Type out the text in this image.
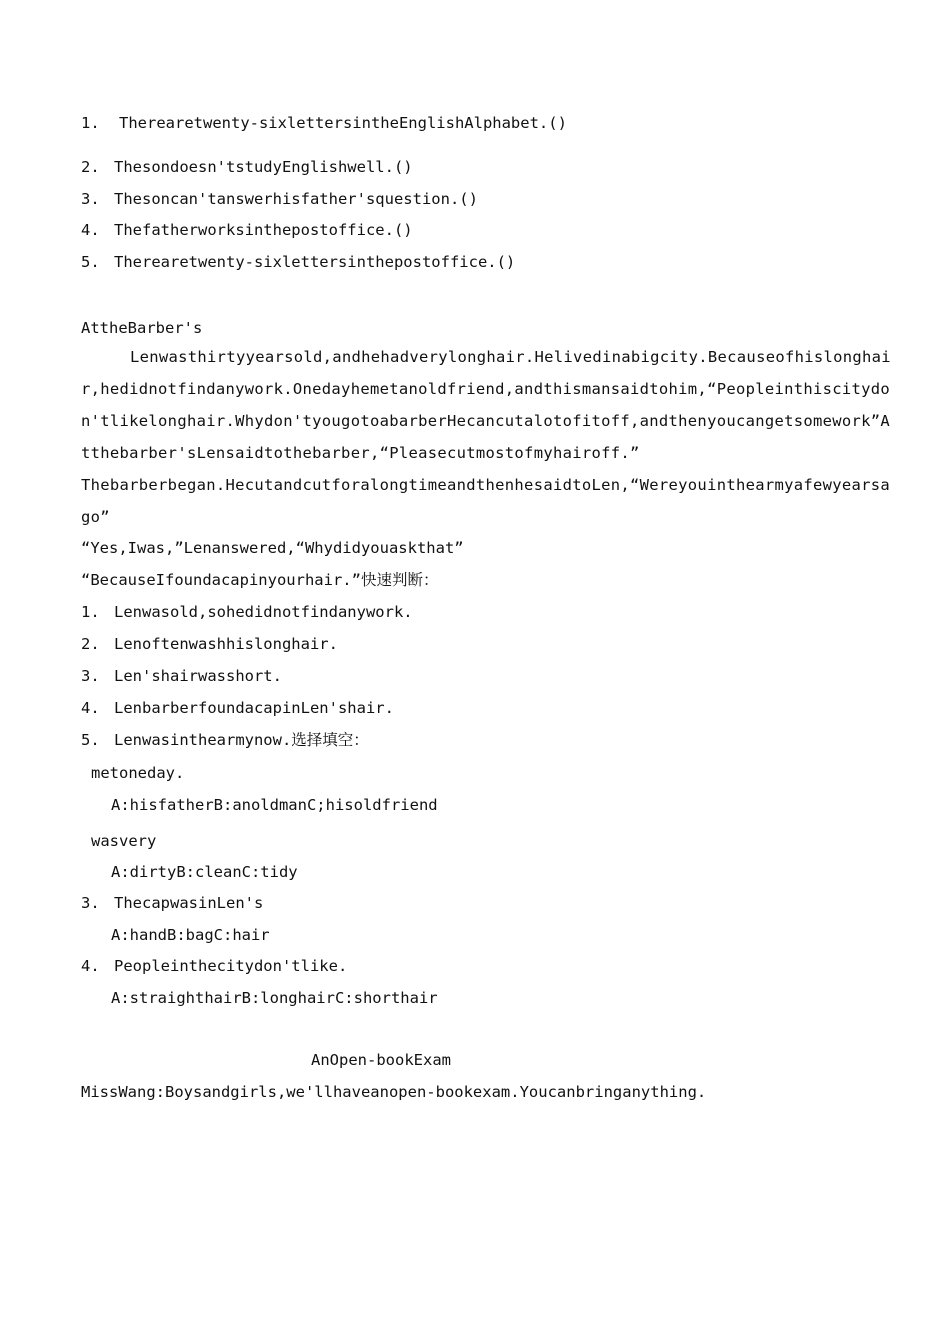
1. Therearetwenty-sixlettersintheEnglishAlphabet.()
2. Thesondoesn'tstudyEnglishwell.()
3. Thesoncan'tanswerhisfather'squestion.()
4. Thefatherworksinthepostoffice.()
5. Therearetwenty-sixlettersinthepostoffice.()
AttheBarber's
Lenwasthirtyyearsold,andhehadverylonghair.Helivedinabigcity.Becauseofhislonghair,hedidnotfindanywork.Onedayhemetanoldfriend,andthismansaidtohim,“Peopleinthiscitydon'tlikelonghair.Whydon'tyougotoabarberHecancutalotofitoff,andthenyoucangetsomework”Atthebarber'sLensaidtothebarber,“Pleasecutmostofmyhairoff.”
Thebarberbegan.HecutandcutforalongtimeandthenhesaidtoLen,“Wereyouinthearmyafewyearsago”
“Yes,Iwas,”Lenanswered,“Whydidyouaskthat”
“BecauseIfoundacapinyourhair.”快速判断：
1. Lenwasold,sohedidnotfindanywork.
2. Lenoftenwashhislonghair.
3. Len'shairwasshort.
4. LenbarberfoundacapinLen'shair.
5. Lenwasinthearmynow.选择填空：
metoneday.
A:hisfatherB:anoldmanC;hisoldfriend
wasvery
A:dirtyB:cleanC:tidy
3. ThecapwasinLen's
A:handB:bagC:hair
4. Peopleinthecitydon'tlike.
A:straighthairB:longhairC:shorthair
AnOpen-bookExam
MissWang:Boysandgirls,we'llhaveanopen-bookexam.Youcanbringanything.
